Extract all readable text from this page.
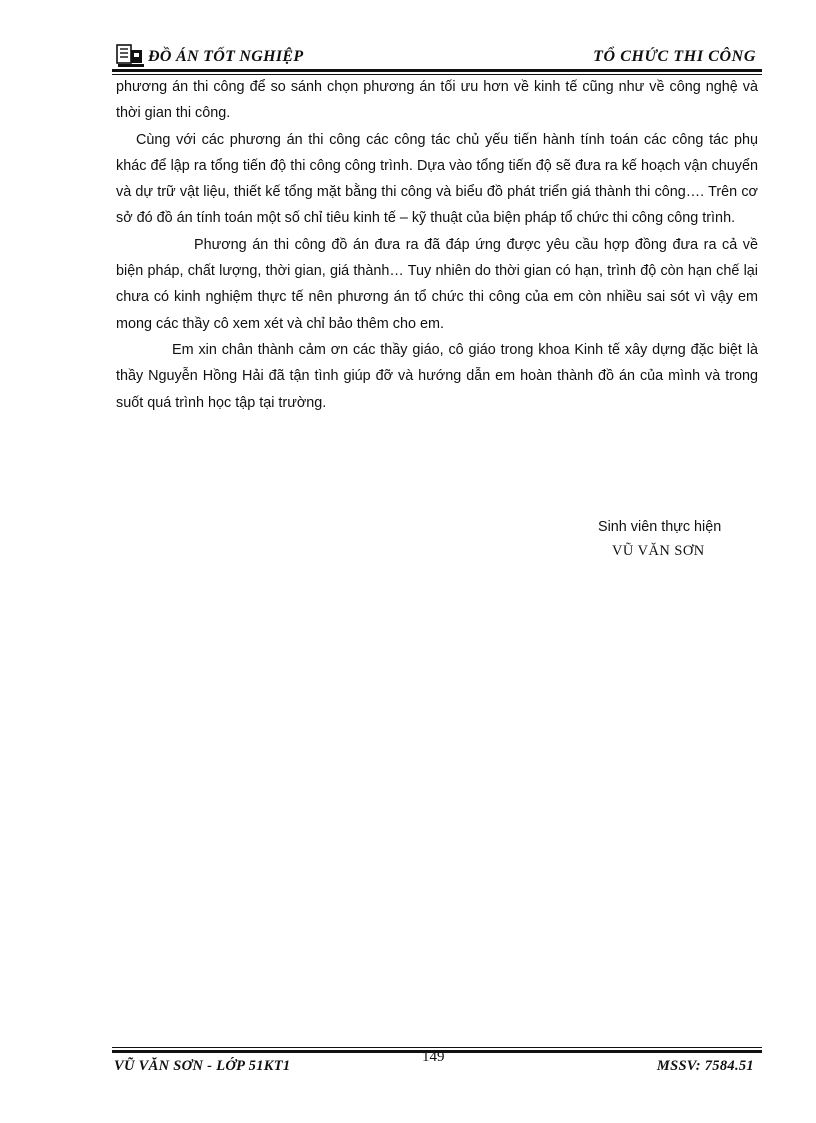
ĐỒ ÁN TỐT NGHIỆP	TỔ CHỨC THI CÔNG

phương án thi công để so sánh chọn phương án tối ưu hơn về kinh tế cũng như về công nghệ và thời gian thi công.

Cùng với các phương án thi công các công tác chủ yếu tiến hành tính toán các công tác phụ khác để lập ra tổng tiến độ thi công công trình. Dựa vào tổng tiến độ sẽ đưa ra kế hoạch vận chuyển và dự trữ vật liệu, thiết kế tổng mặt bằng thi công và biểu đồ phát triển giá thành thi công…. Trên cơ sở đó đồ án tính toán một số chỉ tiêu kinh tế – kỹ thuật của biện pháp tổ chức thi công công trình.

Phương án thi công đồ án đưa ra đã đáp ứng được yêu cầu hợp đồng đưa ra cả về biện pháp, chất lượng, thời gian, giá thành… Tuy nhiên do thời gian có hạn, trình độ còn hạn chế lại chưa có kinh nghiệm thực tế nên phương án tổ chức thi công của em còn nhiều sai sót vì vậy em mong các thầy cô xem xét và chỉ bảo thêm cho em.

Em xin chân thành cảm ơn các thầy giáo, cô giáo trong khoa Kinh tế xây dựng đặc biệt là thầy Nguyễn Hồng Hải đã tận tình giúp đỡ và hướng dẫn em hoàn thành đồ án của mình và trong suốt quá trình học tập tại trường.

Sinh viên thực hiện
VŨ VĂN SƠN
VŨ VĂN SƠN - LỚP 51KT1
149
MSSV: 7584.51
